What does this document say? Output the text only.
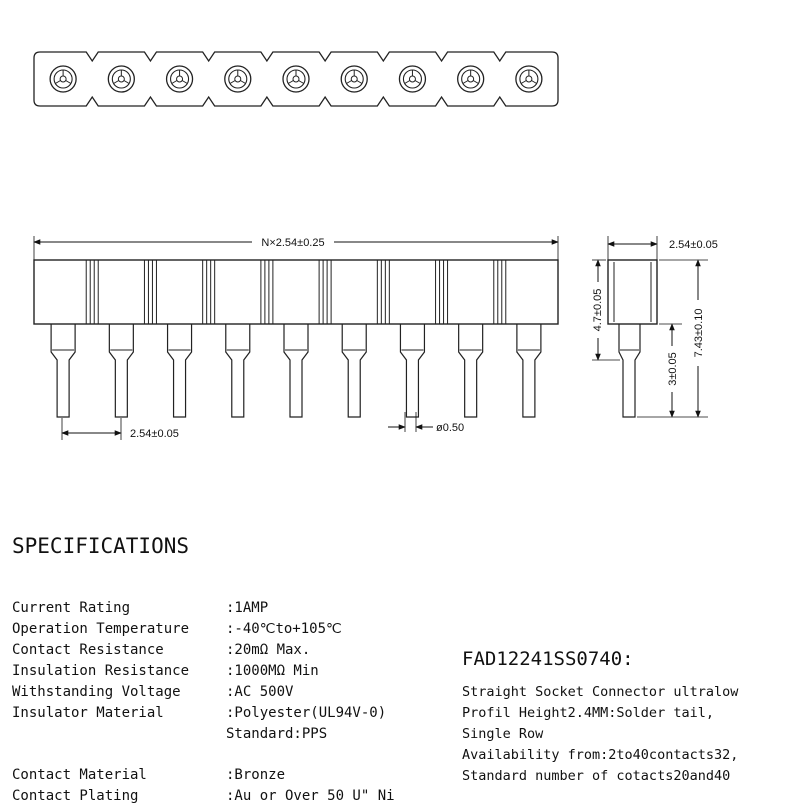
N×2.54±0.25
2.54±0.05	ø0.50
2.54±0.05
4.7±0.05
3±0.05
7.43±0.10
SPECIFICATIONS
Current Rating	:1AMP
Operation Temperature	:-40℃to+105℃
Contact Resistance	:20mΩ Max.
Insulation Resistance	:1000MΩ Min
Withstanding Voltage	:AC 500V
Insulator Material	:Polyester(UL94V-0)
Standard:PPS
Contact Material	:Bronze
Contact Plating	:Au or Over 50 U" Ni
FAD12241SS0740:
Straight Socket Connector ultralow
Profil Height2.4MM:Solder tail,
Single Row
Availability from:2to40contacts32,
Standard number of cotacts20and40
